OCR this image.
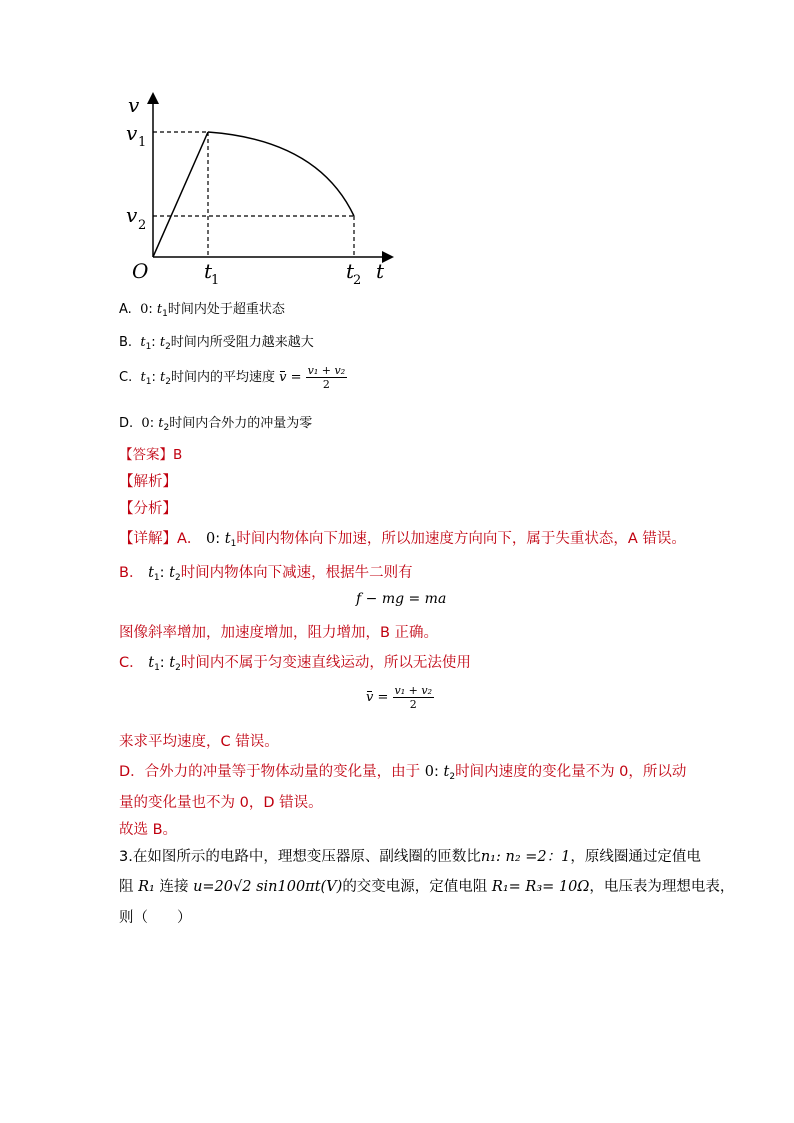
v
t
O
v 1
v 2
t
1	t
2
A. 0: $t_1$时间内处于超重状态
B. $t_1$: $t_2$时间内所受阻力越来越大
C. $t_1$: $t_2$时间内的平均速度 $v = \frac{\text{v₁ + v₂}}{2}$
D. 0: $t_2$时间内合外力的冲量为零
【答案】B
【解析】
【分析】
【详解】A． 0: $t_1$时间内物体向下加速，所以加速度方向向下，属于失重状态，A 错误。
B． $t_1$: $t_2$时间内物体向下减速，根据牛二则有
f − mg = ma
图像斜率增加，加速度增加，阻力增加，B 正确。
C． $t_1$: $t_2$时间内不属于匀变速直线运动，所以无法使用
$v = \frac{\text{v₁ + v₂}}{2}$
来求平均速度，C 错误。
D．合外力的冲量等于物体动量的变化量，由于 0: $t_2$时间内速度的变化量不为 0，所以动
量的变化量也不为 0，D 错误。
故选 B。
3.在如图所示的电路中，理想变压器原、副线圈的匝数比n₁: n₂ =2：1，原线圈通过定值电
阻 R₁ 连接 u=20√2 sin100πt(V)的交变电源，定值电阻 R₁= R₃= 10Ω，电压表为理想电表，
则（　　）
